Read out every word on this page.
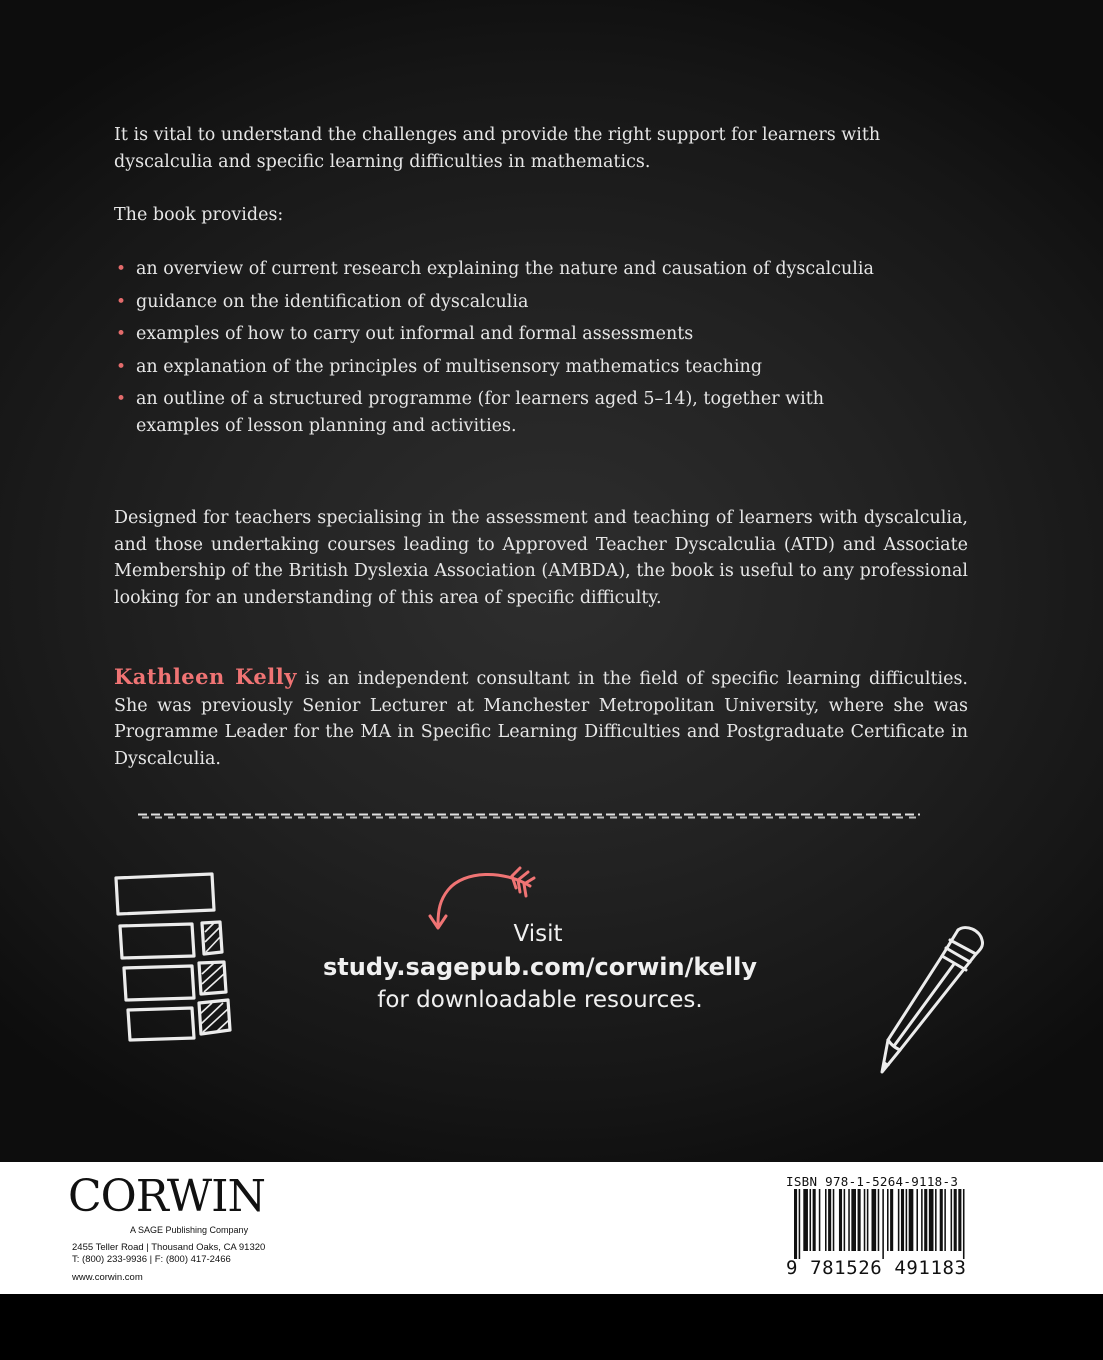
It is vital to understand the challenges and provide the right support for learners with dyscalculia and specific learning difficulties in mathematics.
The book provides:
• an overview of current research explaining the nature and causation of dyscalculia
• guidance on the identification of dyscalculia
• examples of how to carry out informal and formal assessments
• an explanation of the principles of multisensory mathematics teaching
• an outline of a structured programme (for learners aged 5–14), together with examples of lesson planning and activities.
Designed for teachers specialising in the assessment and teaching of learners with dyscalculia, and those undertaking courses leading to Approved Teacher Dyscalculia (ATD) and Associate Membership of the British Dyslexia Association (AMBDA), the book is useful to any professional looking for an understanding of this area of specific difficulty.
Kathleen Kelly is an independent consultant in the field of specific learning difficulties. She was previously Senior Lecturer at Manchester Metropolitan University, where she was Programme Leader for the MA in Specific Learning Difficulties and Postgraduate Certificate in Dyscalculia.
Visit
study.sagepub.com/corwin/kelly
for downloadable resources.
CORWIN
A SAGE Publishing Company
2455 Teller Road | Thousand Oaks, CA 91320
T: (800) 233-9936 | F: (800) 417-2466
www.corwin.com
ISBN 978-1-5264-9118-3
9 781526 491183
